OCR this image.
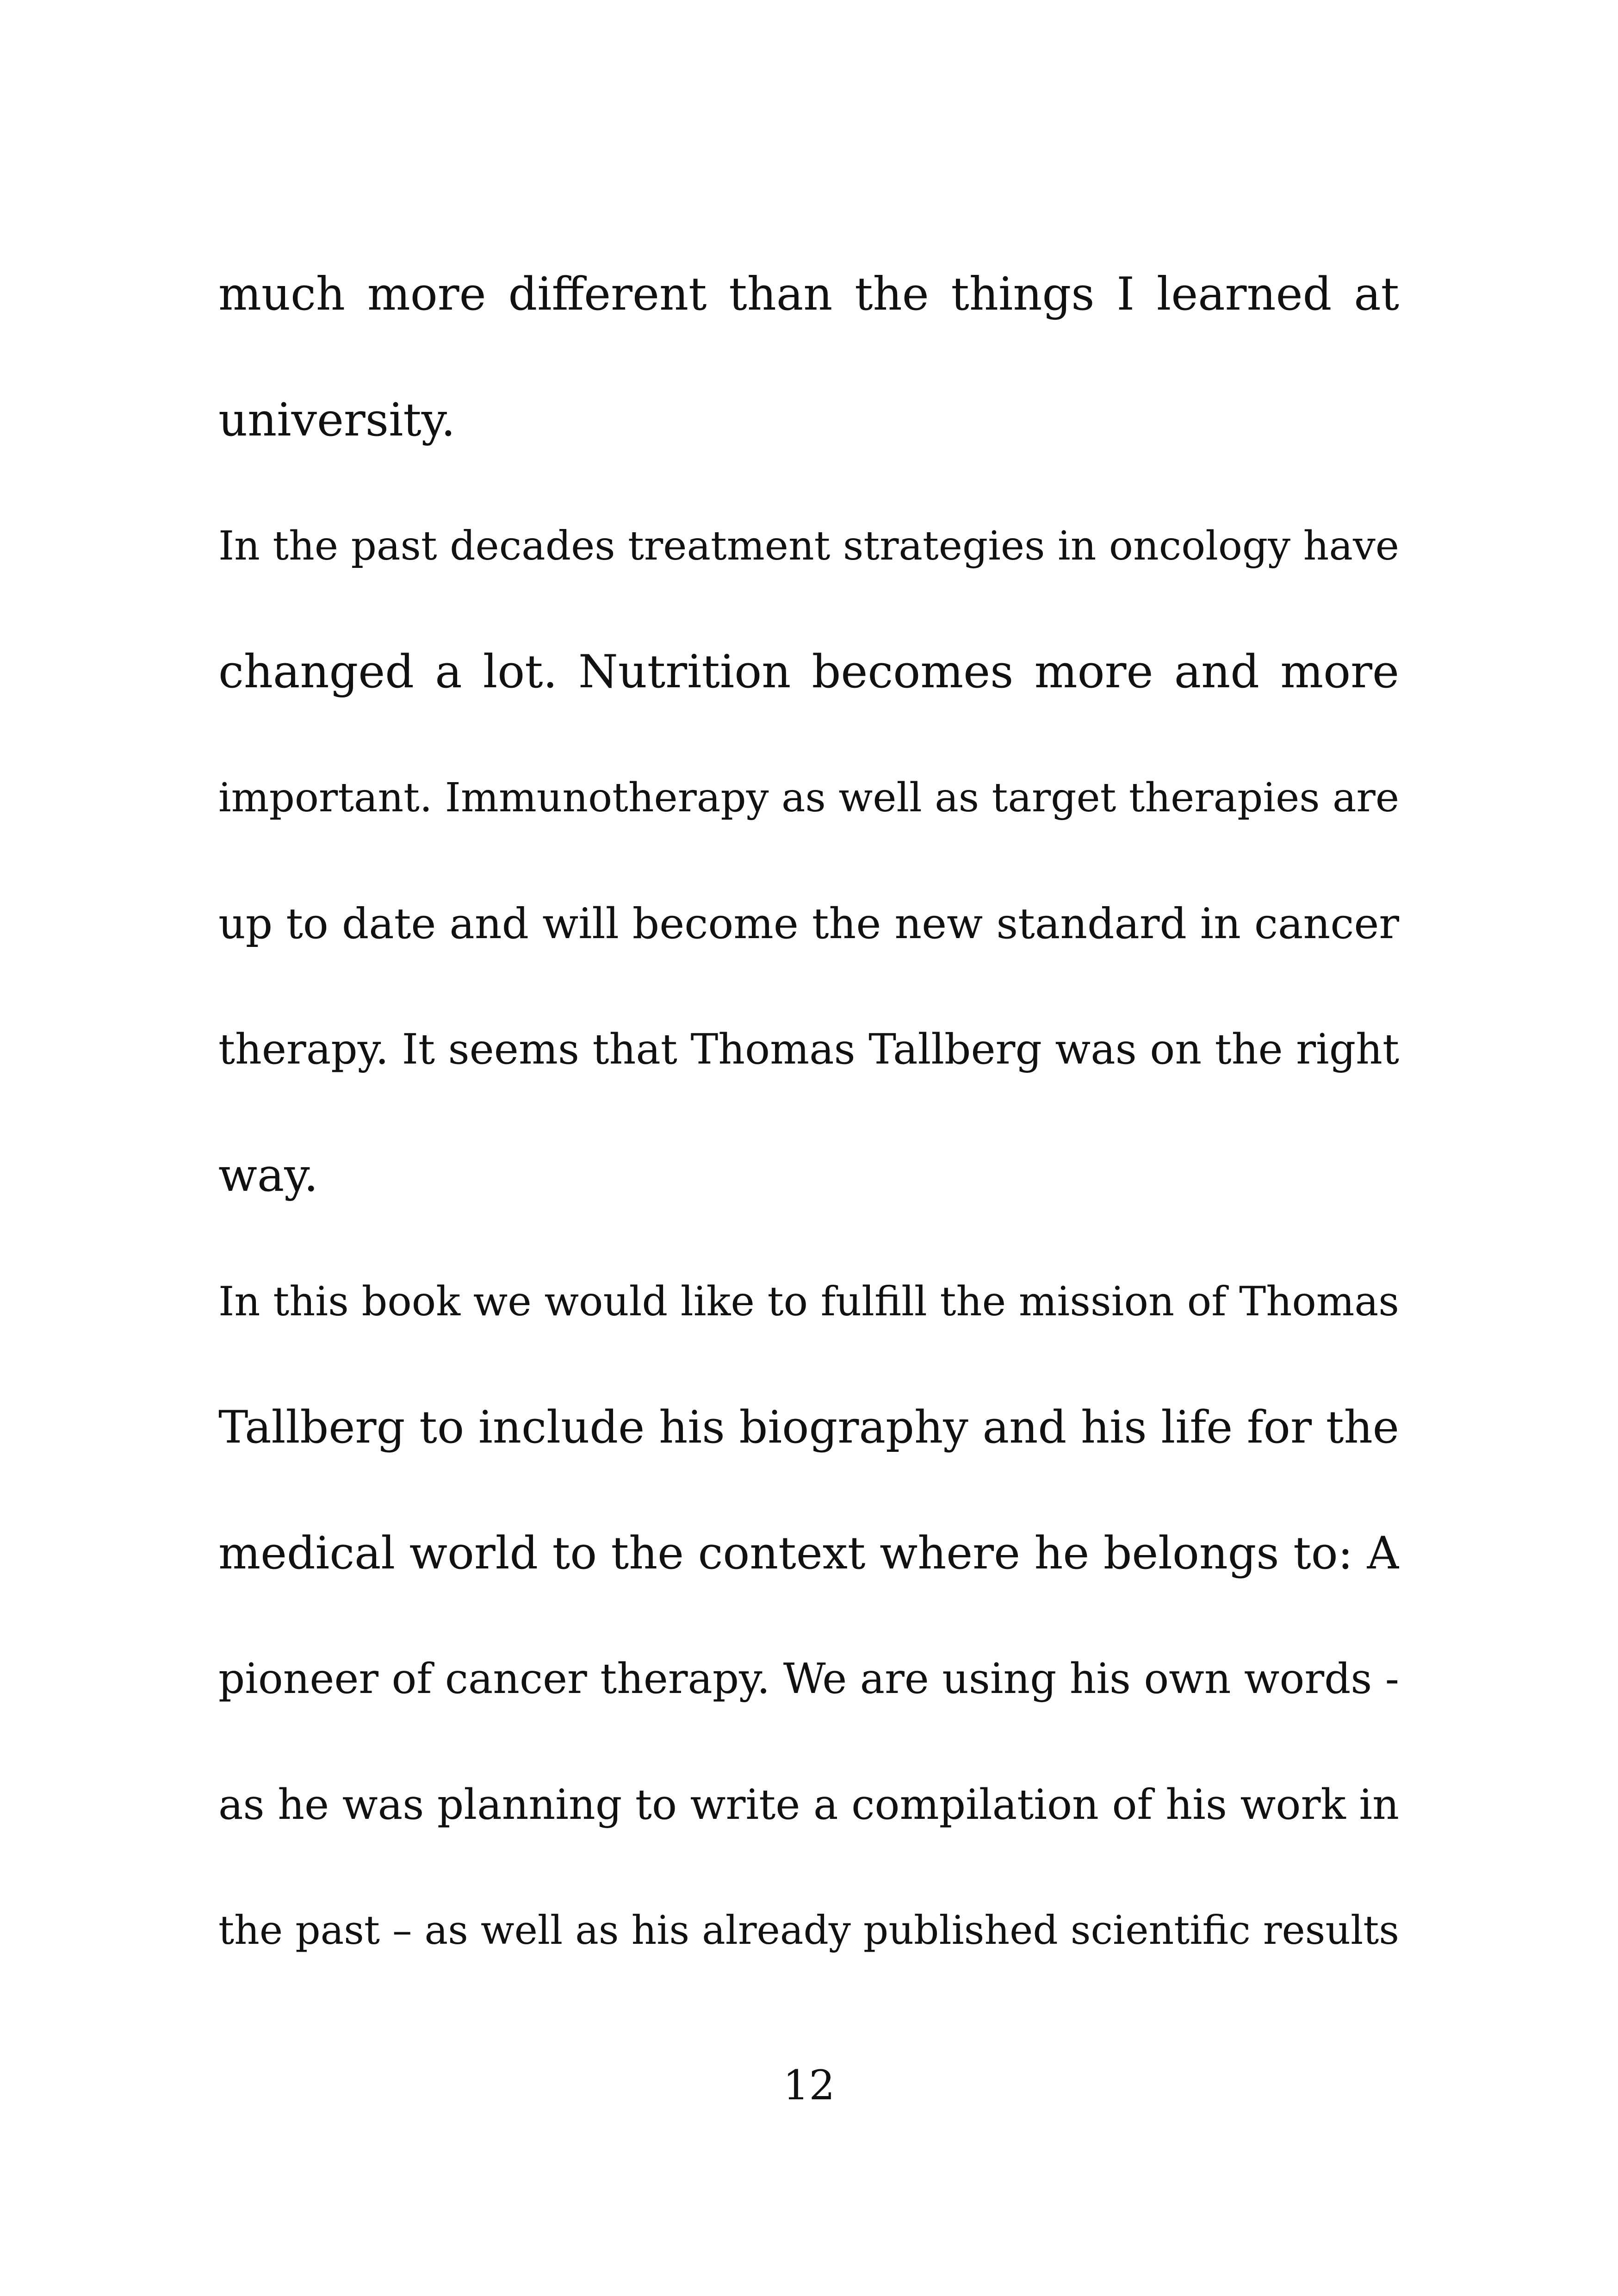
much more different than the things I learned at
university.
In the past decades treatment strategies in oncology have
changed a lot. Nutrition becomes more and more
important. Immunotherapy as well as target therapies are
up to date and will become the new standard in cancer
therapy. It seems that Thomas Tallberg was on the right
way.
In this book we would like to fulfill the mission of Thomas
Tallberg to include his biography and his life for the
medical world to the context where he belongs to: A
pioneer of cancer therapy. We are using his own words -
as he was planning to write a compilation of his work in
the past – as well as his already published scientific results
12
